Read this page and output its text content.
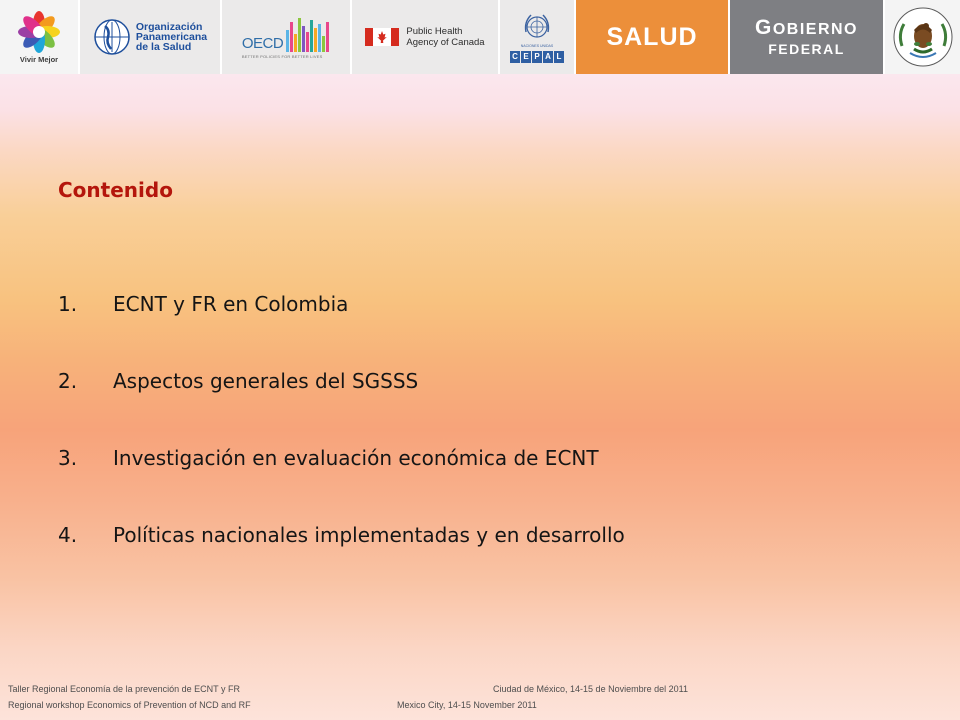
Vivir Mejor
Organización
Panamericana
de la Salud	OECD
BETTER POLICIES FOR BETTER LIVES
Public Health
Agency of Canada	NACIONES UNIDAS
C E P A L
SALUD	GOBIERNO
FEDERAL
Contenido
1.	ECNT y FR en Colombia
2.	Aspectos generales del SGSSS
3.	Investigación en evaluación económica de ECNT
4.	Políticas nacionales implementadas y en desarrollo
Taller Regional Economía de la prevención de ECNT y FR
Regional workshop Economics of Prevention of NCD and RF
Ciudad de México, 14-15 de Noviembre del 2011
Mexico City, 14-15 November 2011
